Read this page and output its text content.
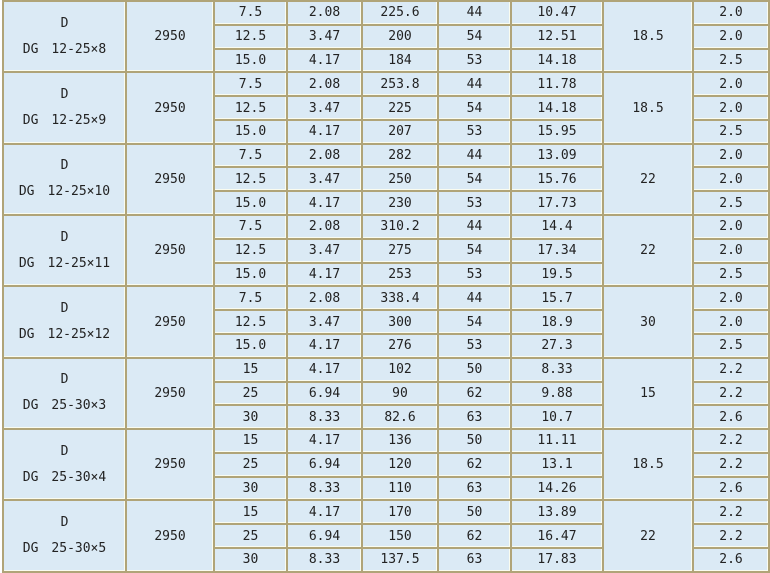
D
DG 12-25×8	2950	7.5	2.08	225.6	44	10.47	18.5	2.0
		12.5	3.47	200	54	12.51		2.0
		15.0	4.17	184	53	14.18		2.5

D
DG 12-25×9	2950	7.5	2.08	253.8	44	11.78	18.5	2.0
		12.5	3.47	225	54	14.18		2.0
		15.0	4.17	207	53	15.95		2.5

D
DG 12-25×10	2950	7.5	2.08	282	44	13.09	22	2.0
		12.5	3.47	250	54	15.76		2.0
		15.0	4.17	230	53	17.73		2.5

D
DG 12-25×11	2950	7.5	2.08	310.2	44	14.4	22	2.0
		12.5	3.47	275	54	17.34		2.0
		15.0	4.17	253	53	19.5		2.5

D
DG 12-25×12	2950	7.5	2.08	338.4	44	15.7	30	2.0
		12.5	3.47	300	54	18.9		2.0
		15.0	4.17	276	53	27.3		2.5

D
DG 25-30×3	2950	15	4.17	102	50	8.33	15	2.2
		25	6.94	90	62	9.88		2.2
		30	8.33	82.6	63	10.7		2.6

D
DG 25-30×4	2950	15	4.17	136	50	11.11	18.5	2.2
		25	6.94	120	62	13.1		2.2
		30	8.33	110	63	14.26		2.6

D
DG 25-30×5	2950	15	4.17	170	50	13.89	22	2.2
		25	6.94	150	62	16.47		2.2
		30	8.33	137.5	63	17.83		2.6
